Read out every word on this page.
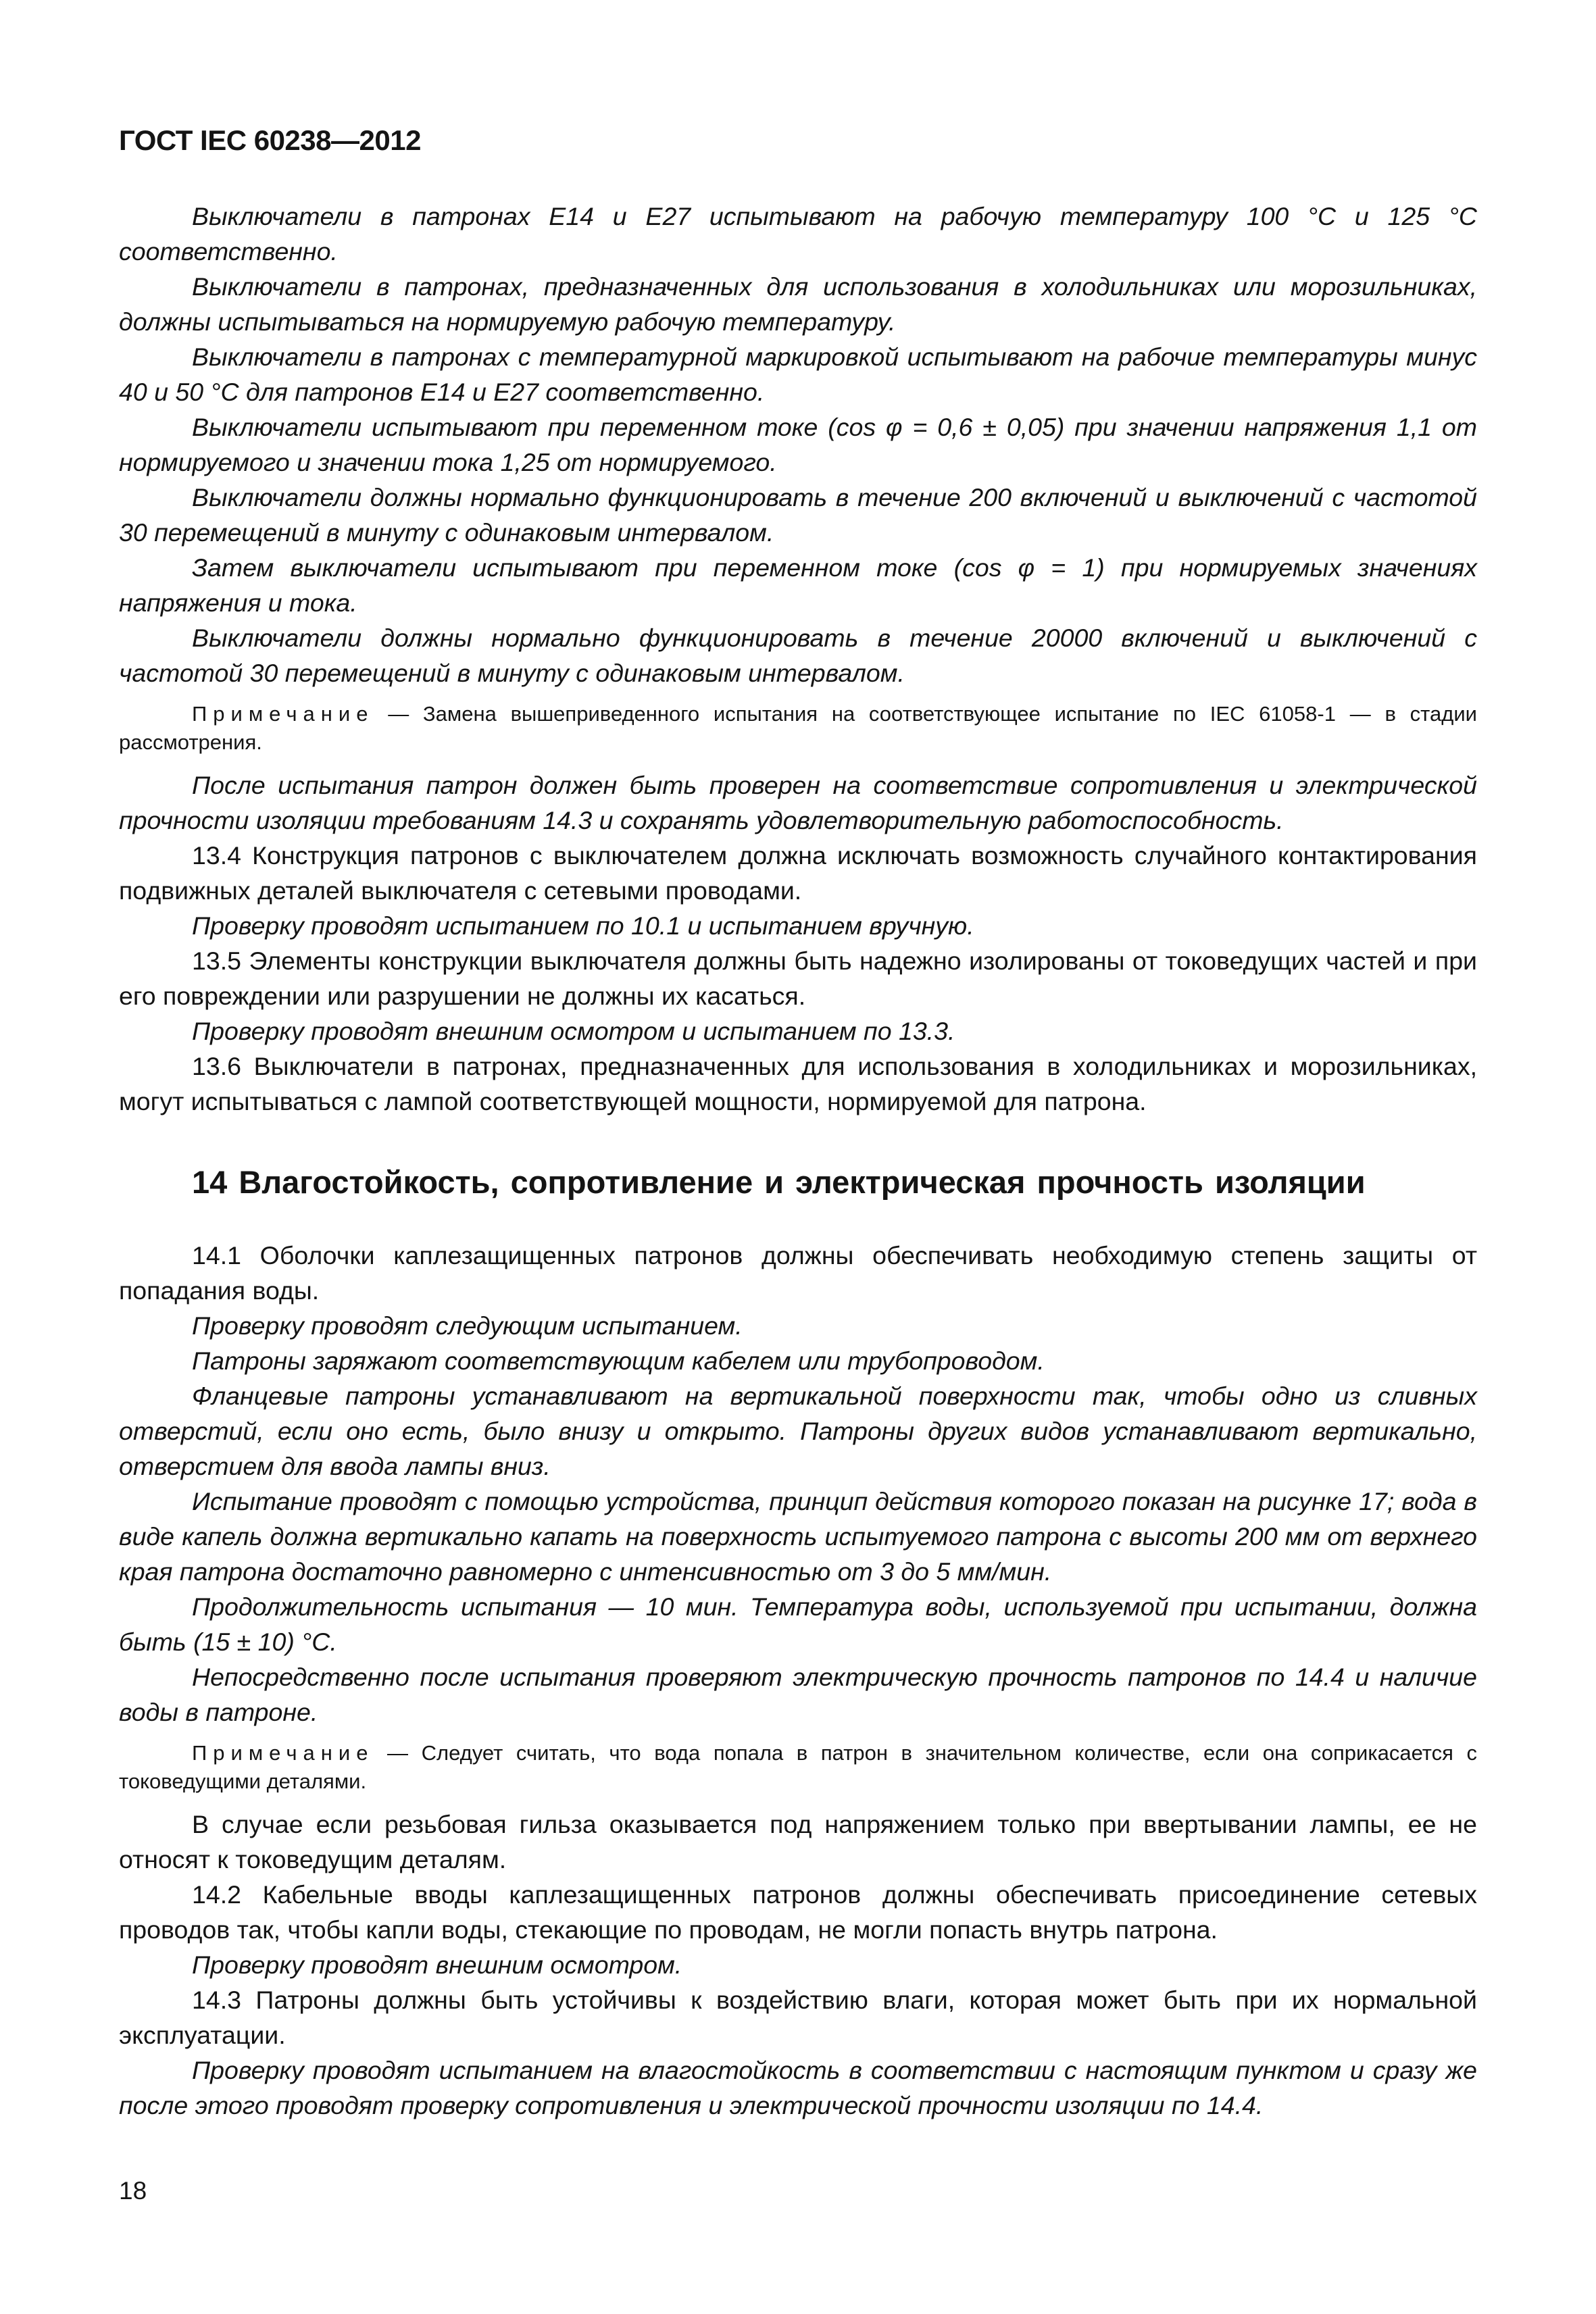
ГОСТ IEC 60238—2012

Выключатели в патронах E14 и E27 испытывают на рабочую температуру 100 °С и 125 °С соответственно.

Выключатели в патронах, предназначенных для использования в холодильниках или морозильниках, должны испытываться на нормируемую рабочую температуру.

Выключатели в патронах с температурной маркировкой испытывают на рабочие температуры минус 40 и 50 °С для патронов E14 и E27 соответственно.

Выключатели испытывают при переменном токе (cos φ = 0,6 ± 0,05) при значении напряжения 1,1 от нормируемого и значении тока 1,25 от нормируемого.

Выключатели должны нормально функционировать в течение 200 включений и выключений с частотой 30 перемещений в минуту с одинаковым интервалом.

Затем выключатели испытывают при переменном токе (cos φ = 1) при нормируемых значениях напряжения и тока.

Выключатели должны нормально функционировать в течение 20000 включений и выключений с частотой 30 перемещений в минуту с одинаковым интервалом.

Примечание — Замена вышеприведенного испытания на соответствующее испытание по IEC 61058-1 — в стадии рассмотрения.

После испытания патрон должен быть проверен на соответствие сопротивления и электрической прочности изоляции требованиям 14.3 и сохранять удовлетворительную работоспособность.

13.4 Конструкция патронов с выключателем должна исключать возможность случайного контактирования подвижных деталей выключателя с сетевыми проводами.

Проверку проводят испытанием по 10.1 и испытанием вручную.

13.5 Элементы конструкции выключателя должны быть надежно изолированы от токоведущих частей и при его повреждении или разрушении не должны их касаться.

Проверку проводят внешним осмотром и испытанием по 13.3.

13.6 Выключатели в патронах, предназначенных для использования в холодильниках и морозильниках, могут испытываться с лампой соответствующей мощности, нормируемой для патрона.

14 Влагостойкость, сопротивление и электрическая прочность изоляции

14.1 Оболочки каплезащищенных патронов должны обеспечивать необходимую степень защиты от попадания воды.

Проверку проводят следующим испытанием.

Патроны заряжают соответствующим кабелем или трубопроводом.

Фланцевые патроны устанавливают на вертикальной поверхности так, чтобы одно из сливных отверстий, если оно есть, было внизу и открыто. Патроны других видов устанавливают вертикально, отверстием для ввода лампы вниз.

Испытание проводят с помощью устройства, принцип действия которого показан на рисунке 17; вода в виде капель должна вертикально капать на поверхность испытуемого патрона с высоты 200 мм от верхнего края патрона достаточно равномерно с интенсивностью от 3 до 5 мм/мин.

Продолжительность испытания — 10 мин. Температура воды, используемой при испытании, должна быть (15 ± 10) °С.

Непосредственно после испытания проверяют электрическую прочность патронов по 14.4 и наличие воды в патроне.

Примечание — Следует считать, что вода попала в патрон в значительном количестве, если она соприкасается с токоведущими деталями.

В случае если резьбовая гильза оказывается под напряжением только при ввертывании лампы, ее не относят к токоведущим деталям.

14.2 Кабельные вводы каплезащищенных патронов должны обеспечивать присоединение сетевых проводов так, чтобы капли воды, стекающие по проводам, не могли попасть внутрь патрона.

Проверку проводят внешним осмотром.

14.3 Патроны должны быть устойчивы к воздействию влаги, которая может быть при их нормальной эксплуатации.

Проверку проводят испытанием на влагостойкость в соответствии с настоящим пунктом и сразу же после этого проводят проверку сопротивления и электрической прочности изоляции по 14.4.

18
